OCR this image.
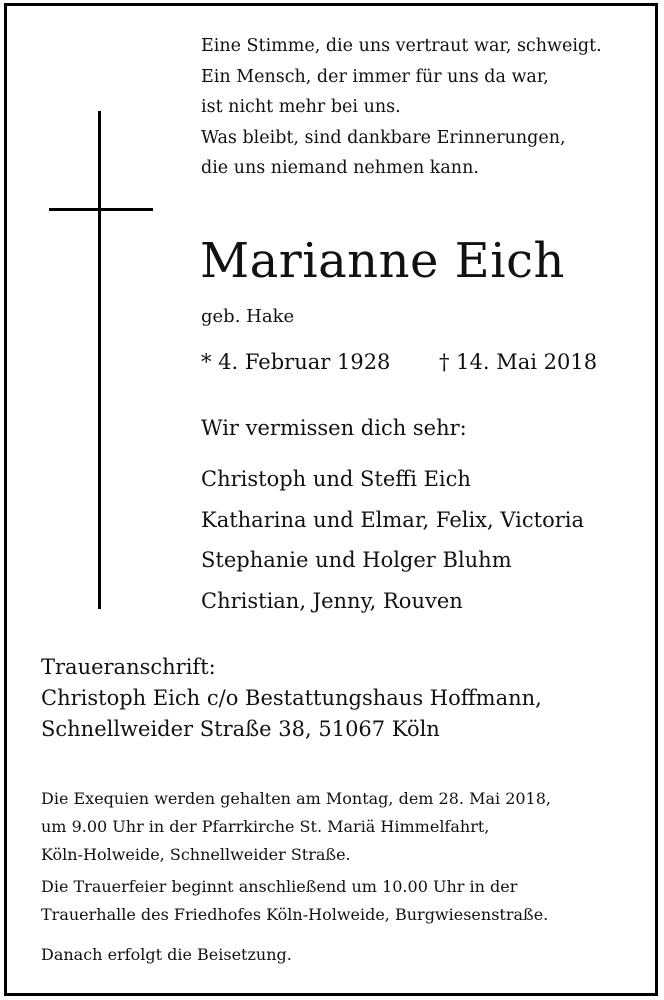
Eine Stimme, die uns vertraut war, schweigt.
Ein Mensch, der immer für uns da war,
ist nicht mehr bei uns.
Was bleibt, sind dankbare Erinnerungen,
die uns niemand nehmen kann.
Marianne Eich
geb. Hake
* 4. Februar 1928 † 14. Mai 2018
Wir vermissen dich sehr:
Christoph und Steffi Eich
Katharina und Elmar, Felix, Victoria
Stephanie und Holger Bluhm
Christian, Jenny, Rouven
Traueranschrift:
Christoph Eich c/o Bestattungshaus Hoffmann,
Schnellweider Straße 38, 51067 Köln
Die Exequien werden gehalten am Montag, dem 28. Mai 2018,
um 9.00 Uhr in der Pfarrkirche St. Mariä Himmelfahrt,
Köln-Holweide, Schnellweider Straße.
Die Trauerfeier beginnt anschließend um 10.00 Uhr in der
Trauerhalle des Friedhofes Köln-Holweide, Burgwiesenstraße.
Danach erfolgt die Beisetzung.
